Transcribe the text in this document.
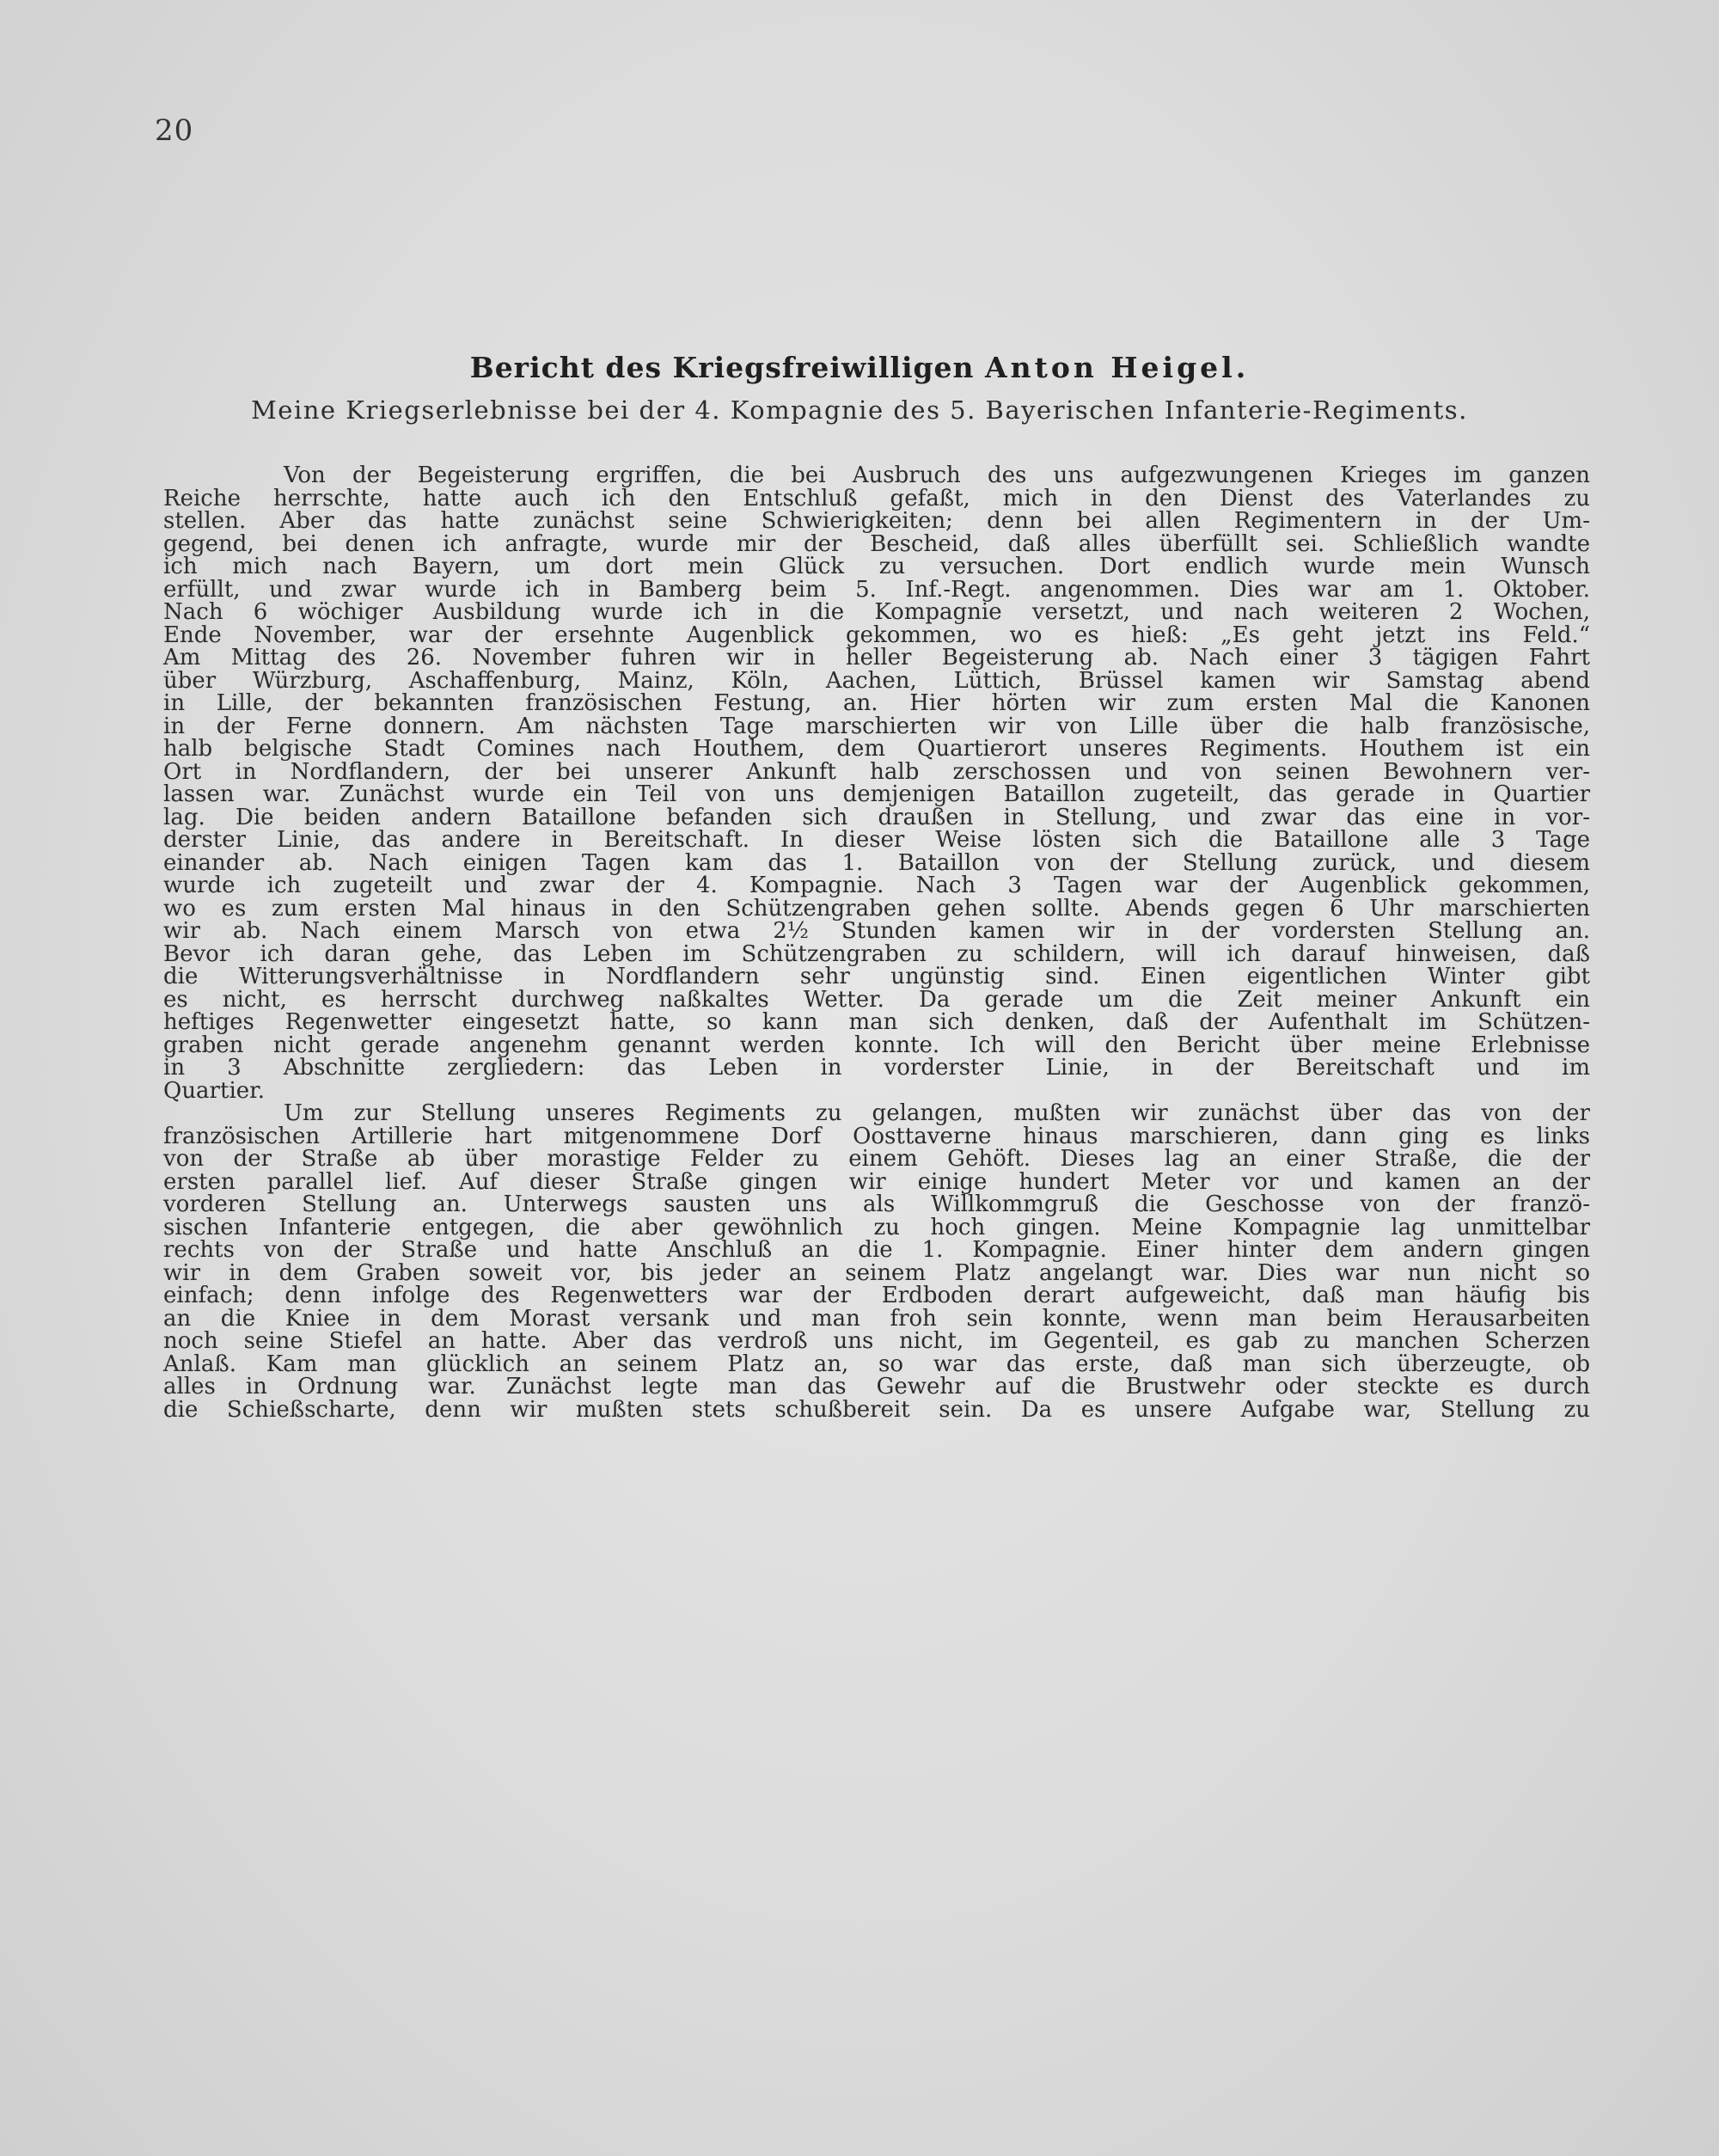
20
Bericht des Kriegsfreiwilligen Anton Heigel.
Meine Kriegserlebnisse bei der 4. Kompagnie des 5. Bayerischen Infanterie-Regiments.
Von der Begeisterung ergriffen, die bei Ausbruch des uns aufgezwungenen Krieges im ganzen
Reiche herrschte, hatte auch ich den Entschluß gefaßt, mich in den Dienst des Vaterlandes zu
stellen. Aber das hatte zunächst seine Schwierigkeiten; denn bei allen Regimentern in der Um-
gegend, bei denen ich anfragte, wurde mir der Bescheid, daß alles überfüllt sei. Schließlich wandte
ich mich nach Bayern, um dort mein Glück zu versuchen. Dort endlich wurde mein Wunsch
erfüllt, und zwar wurde ich in Bamberg beim 5. Inf.-Regt. angenommen. Dies war am 1. Oktober.
Nach 6 wöchiger Ausbildung wurde ich in die Kompagnie versetzt, und nach weiteren 2 Wochen,
Ende November, war der ersehnte Augenblick gekommen, wo es hieß: „Es geht jetzt ins Feld.“
Am Mittag des 26. November fuhren wir in heller Begeisterung ab. Nach einer 3 tägigen Fahrt
über Würzburg, Aschaffenburg, Mainz, Köln, Aachen, Lüttich, Brüssel kamen wir Samstag abend
in Lille, der bekannten französischen Festung, an. Hier hörten wir zum ersten Mal die Kanonen
in der Ferne donnern. Am nächsten Tage marschierten wir von Lille über die halb französische,
halb belgische Stadt Comines nach Houthem, dem Quartierort unseres Regiments. Houthem ist ein
Ort in Nordflandern, der bei unserer Ankunft halb zerschossen und von seinen Bewohnern ver-
lassen war. Zunächst wurde ein Teil von uns demjenigen Bataillon zugeteilt, das gerade in Quartier
lag. Die beiden andern Bataillone befanden sich draußen in Stellung, und zwar das eine in vor-
derster Linie, das andere in Bereitschaft. In dieser Weise lösten sich die Bataillone alle 3 Tage
einander ab. Nach einigen Tagen kam das 1. Bataillon von der Stellung zurück, und diesem
wurde ich zugeteilt und zwar der 4. Kompagnie. Nach 3 Tagen war der Augenblick gekommen,
wo es zum ersten Mal hinaus in den Schützengraben gehen sollte. Abends gegen 6 Uhr marschierten
wir ab. Nach einem Marsch von etwa 2½ Stunden kamen wir in der vordersten Stellung an.
Bevor ich daran gehe, das Leben im Schützengraben zu schildern, will ich darauf hinweisen, daß
die Witterungsverhältnisse in Nordflandern sehr ungünstig sind. Einen eigentlichen Winter gibt
es nicht, es herrscht durchweg naßkaltes Wetter. Da gerade um die Zeit meiner Ankunft ein
heftiges Regenwetter eingesetzt hatte, so kann man sich denken, daß der Aufenthalt im Schützen-
graben nicht gerade angenehm genannt werden konnte. Ich will den Bericht über meine Erlebnisse
in 3 Abschnitte zergliedern: das Leben in vorderster Linie, in der Bereitschaft und im
Quartier.
Um zur Stellung unseres Regiments zu gelangen, mußten wir zunächst über das von der
französischen Artillerie hart mitgenommene Dorf Oosttaverne hinaus marschieren, dann ging es links
von der Straße ab über morastige Felder zu einem Gehöft. Dieses lag an einer Straße, die der
ersten parallel lief. Auf dieser Straße gingen wir einige hundert Meter vor und kamen an der
vorderen Stellung an. Unterwegs sausten uns als Willkommgruß die Geschosse von der franzö-
sischen Infanterie entgegen, die aber gewöhnlich zu hoch gingen. Meine Kompagnie lag unmittelbar
rechts von der Straße und hatte Anschluß an die 1. Kompagnie. Einer hinter dem andern gingen
wir in dem Graben soweit vor, bis jeder an seinem Platz angelangt war. Dies war nun nicht so
einfach; denn infolge des Regenwetters war der Erdboden derart aufgeweicht, daß man häufig bis
an die Kniee in dem Morast versank und man froh sein konnte, wenn man beim Herausarbeiten
noch seine Stiefel an hatte. Aber das verdroß uns nicht, im Gegenteil, es gab zu manchen Scherzen
Anlaß. Kam man glücklich an seinem Platz an, so war das erste, daß man sich überzeugte, ob
alles in Ordnung war. Zunächst legte man das Gewehr auf die Brustwehr oder steckte es durch
die Schießscharte, denn wir mußten stets schußbereit sein. Da es unsere Aufgabe war, Stellung zu
